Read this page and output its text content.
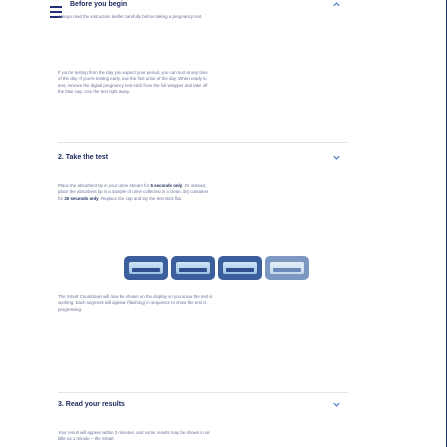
Before you begin

Always read the instruction leaflet carefully before taking a pregnancy test.

If you're testing from the day you expect your period, you can test at any time of the day. If you're testing early, use the first urine of the day. When ready to test, remove the digital pregnancy test stick from the foil wrapper and take off the blue cap. Use the test right away.

2. Take the test

Place the absorbent tip in your urine stream for 5 seconds only. Or instead, place the absorbent tip in a sample of urine collected in a clean, dry container for 20 seconds only. Replace the cap and lay the test stick flat.

The Smart Countdown will now be shown on the display so you know the test is working. Each segment will appear (flashing) in sequence to show the test is progressing.

3. Read your results

Your result will appear within 3 minutes, and some results may be shown in as little as 1 minute – the Smart
